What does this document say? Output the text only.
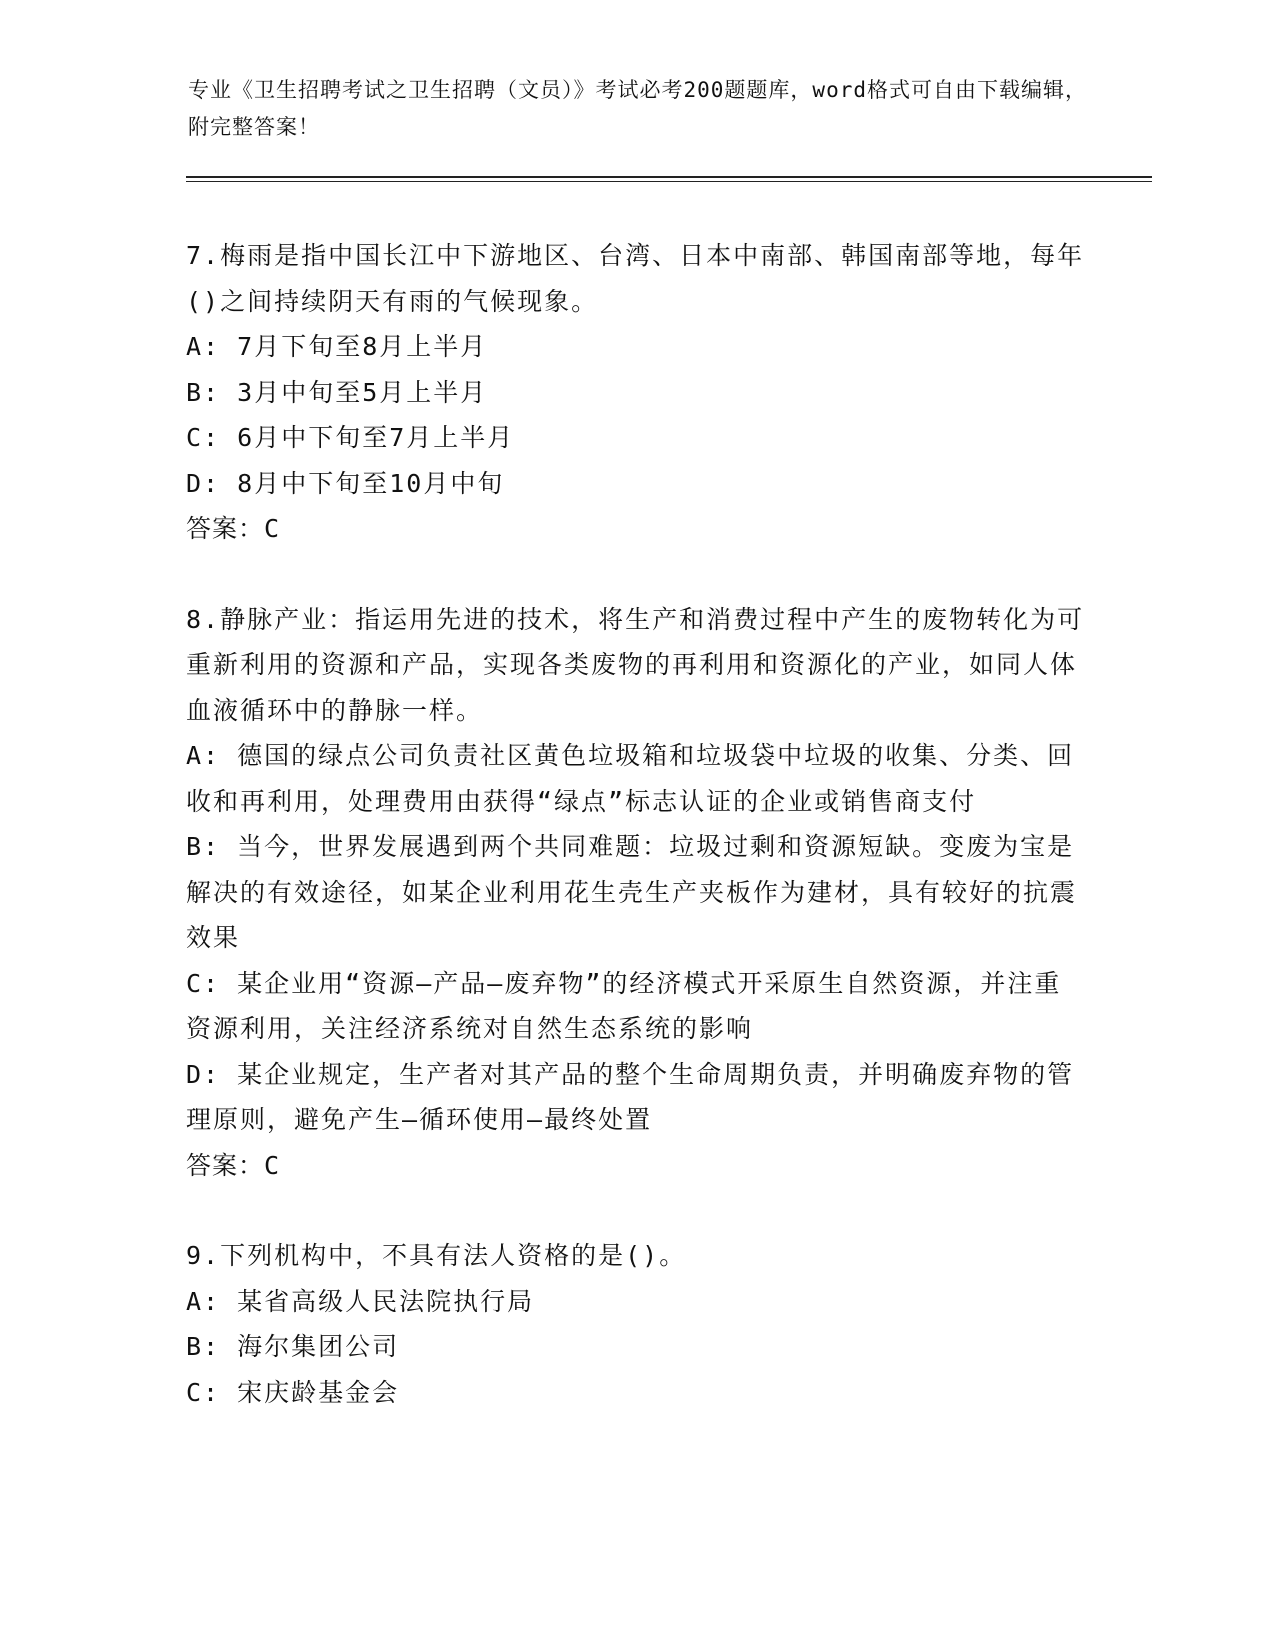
专业《卫生招聘考试之卫生招聘（文员）》考试必考200题题库，word格式可自由下载编辑，附完整答案！

7.梅雨是指中国长江中下游地区、台湾、日本中南部、韩国南部等地，每年()之间持续阴天有雨的气候现象。

A: 7月下旬至8月上半月

B: 3月中旬至5月上半月

C: 6月中下旬至7月上半月

D: 8月中下旬至10月中旬

答案：C

8.静脉产业：指运用先进的技术，将生产和消费过程中产生的废物转化为可重新利用的资源和产品，实现各类废物的再利用和资源化的产业，如同人体血液循环中的静脉一样。

A: 德国的绿点公司负责社区黄色垃圾箱和垃圾袋中垃圾的收集、分类、回收和再利用，处理费用由获得“绿点”标志认证的企业或销售商支付

B: 当今，世界发展遇到两个共同难题：垃圾过剩和资源短缺。变废为宝是解决的有效途径，如某企业利用花生壳生产夹板作为建材，具有较好的抗震效果

C: 某企业用“资源—产品—废弃物”的经济模式开采原生自然资源，并注重资源利用，关注经济系统对自然生态系统的影响

D: 某企业规定，生产者对其产品的整个生命周期负责，并明确废弃物的管理原则，避免产生—循环使用—最终处置

答案：C

9.下列机构中，不具有法人资格的是()。

A: 某省高级人民法院执行局

B: 海尔集团公司

C: 宋庆龄基金会
